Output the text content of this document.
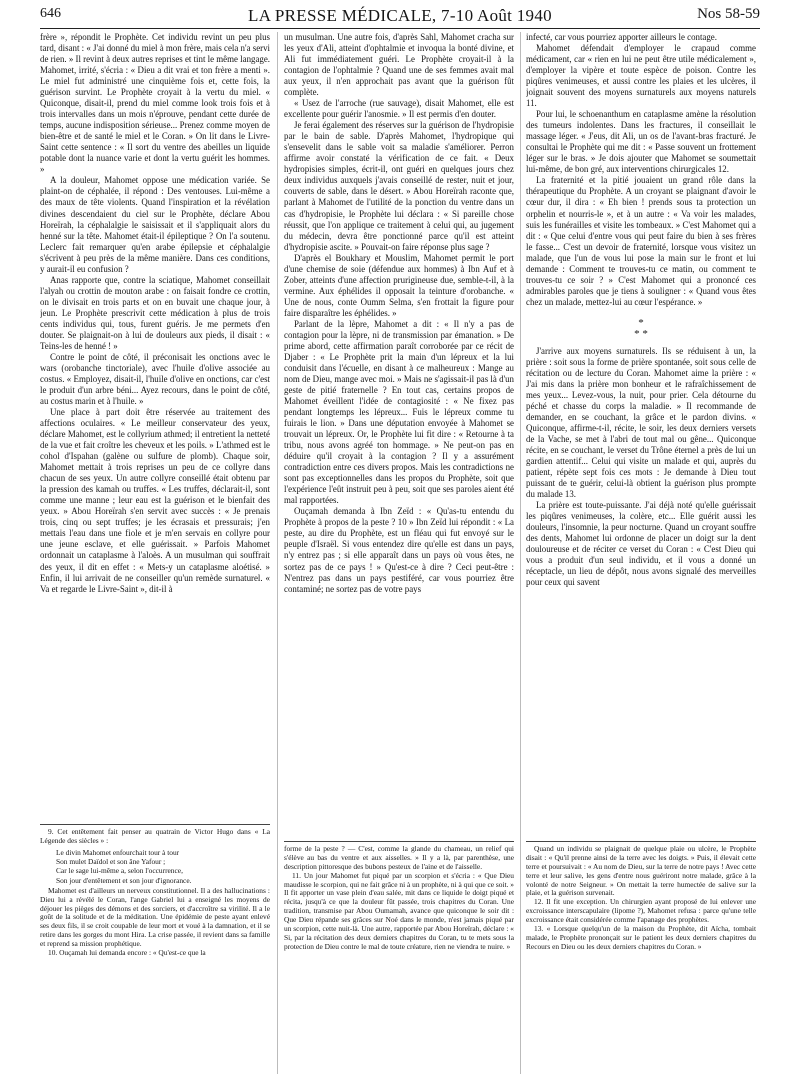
646	LA PRESSE MÉDICALE, 7-10 Août 1940	Nos 58-59

frère », répondit le Prophète. Cet individu revint un peu plus tard, disant : « J'ai donné du miel à mon frère, mais cela n'a servi de rien. » Il revint à deux autres reprises et tint le même langage. Mahomet, irrité, s'écria : « Dieu a dit vrai et ton frère a menti ». Le miel fut administré une cinquième fois et, cette fois, la guérison survint. Le Prophète croyait à la vertu du miel. « Quiconque, disait-il, prend du miel comme look trois fois et à trois intervalles dans un mois n'éprouve, pendant cette durée de temps, aucune indisposition sérieuse... Prenez comme moyen de bien-être et de santé le miel et le Coran. » On lit dans le Livre-Saint cette sentence : « Il sort du ventre des abeilles un liquide potable dont la nuance varie et dont la vertu guérit les hommes. »

A la douleur, Mahomet oppose une médication variée. Se plaint-on de céphalée, il répond : Des ventouses. Lui-même a des maux de tête violents. Quand l'inspiration et la révélation divines descendaient du ciel sur le Prophète, déclare Abou Horeïrah, la céphalalgie le saisissait et il s'appliquait alors du henné sur la tête. Mahomet était-il épileptique ? On l'a soutenu. Leclerc fait remarquer qu'en arabe épilepsie et céphalalgie s'écrivent à peu près de la même manière. Dans ces conditions, y aurait-il eu confusion ?

Anas rapporte que, contre la sciatique, Mahomet conseillait l'alyah ou crottin de mouton arabe : on faisait fondre ce crottin, on le divisait en trois parts et on en buvait une chaque jour, à jeun. Le Prophète prescrivit cette médication à plus de trois cents individus qui, tous, furent guéris. Je me permets d'en douter. Se plaignait-on à lui de douleurs aux pieds, il disait : « Teins-les de henné ! »

Contre le point de côté, il préconisait les onctions avec le wars (orobanche tinctoriale), avec l'huile d'olive associée au costus. « Employez, disait-il, l'huile d'olive en onctions, car c'est le produit d'un arbre béni... Ayez recours, dans le point de côté, au costus marin et à l'huile. »

Une place à part doit être réservée au traitement des affections oculaires. « Le meilleur conservateur des yeux, déclare Mahomet, est le collyrium athmed; il entretient la netteté de la vue et fait croître les cheveux et les poils. » L'athmed est le cohol d'Ispahan (galène ou sulfure de plomb). Chaque soir, Mahomet mettait à trois reprises un peu de ce collyre dans chacun de ses yeux. Un autre collyre conseillé était obtenu par la pression des kamah ou truffes. « Les truffes, déclarait-il, sont comme une manne ; leur eau est la guérison et le bienfait des yeux. » Abou Horeïrah s'en servit avec succès : « Je prenais trois, cinq ou sept truffes; je les écrasais et pressurais; j'en mettais l'eau dans une fiole et je m'en servais en collyre pour une jeune esclave, et elle guérissait. » Parfois Mahomet ordonnait un cataplasme à l'aloès. A un musulman qui souffrait des yeux, il dit en effet : « Mets-y un cataplasme aloétisé. » Enfin, il lui arrivait de ne conseiller qu'un remède surnaturel. « Va et regarde le Livre-Saint », dit-il à

9. Cet entêtement fait penser au quatrain de Victor Hugo dans « La Légende des siècles » :

Le divin Mahomet enfourchait tour à tour
Son mulet Daïdol et son âne Yafour ;
Car le sage lui-même a, selon l'occurrence,
Son jour d'entêtement et son jour d'ignorance.

Mahomet est d'ailleurs un nerveux constitutionnel. Il a des hallucinations : Dieu lui a révélé le Coran, l'ange Gabriel lui a enseigné les moyens de déjouer les pièges des démons et des sorciers, et d'accroître sa virilité. Il a le goût de la solitude et de la méditation. Une épidémie de peste ayant enlevé ses deux fils, il se croit coupable de leur mort et voué à la damnation, et il se retire dans les gorges du mont Hira. La crise passée, il revient dans sa famille et reprend sa mission prophétique.

10. Ouçamah lui demanda encore : « Qu'est-ce que la

un musulman. Une autre fois, d'après Sahl, Mahomet cracha sur les yeux d'Ali, atteint d'ophtalmie et invoqua la bonté divine, et Ali fut immédiatement guéri. Le Prophète croyait-il à la contagion de l'ophtalmie ? Quand une de ses femmes avait mal aux yeux, il n'en approchait pas avant que la guérison fût complète.

« Usez de l'arroche (rue sauvage), disait Mahomet, elle est excellente pour guérir l'anosmie. » Il est permis d'en douter.

Je ferai également des réserves sur la guérison de l'hydropisie par le bain de sable. D'après Mahomet, l'hydropique qui s'ensevelit dans le sable voit sa maladie s'améliorer. Perron affirme avoir constaté la vérification de ce fait. « Deux hydropisies simples, écrit-il, ont guéri en quelques jours chez deux individus auxquels j'avais conseillé de rester, nuit et jour, couverts de sable, dans le désert. » Abou Horeïrah raconte que, parlant à Mahomet de l'utilité de la ponction du ventre dans un cas d'hydropisie, le Prophète lui déclara : « Si pareille chose réussit, que l'on applique ce traitement à celui qui, au jugement du médecin, devra être ponctionné parce qu'il est atteint d'hydropisie ascite. » Pouvait-on faire réponse plus sage ?

D'après el Boukhary et Mouslim, Mahomet permit le port d'une chemise de soie (défendue aux hommes) à Ibn Auf et à Zober, atteints d'une affection prurigineuse due, semble-t-il, à la vermine. Aux éphélides il opposait la teinture d'orobanche. « Une de nous, conte Oumm Selma, s'en frottait la figure pour faire disparaître les éphélides. »

Parlant de la lèpre, Mahomet a dit : « Il n'y a pas de contagion pour la lèpre, ni de transmission par émanation. » De prime abord, cette affirmation paraît corroborée par ce récit de Djaber : « Le Prophète prit la main d'un lépreux et la lui conduisit dans l'écuelle, en disant à ce malheureux : Mange au nom de Dieu, mange avec moi. » Mais ne s'agissait-il pas là d'un geste de pitié fraternelle ? En tout cas, certains propos de Mahomet éveillent l'idée de contagiosité : « Ne fixez pas pendant longtemps les lépreux... Fuis le lépreux comme tu fuirais le lion. » Dans une députation envoyée à Mahomet se trouvait un lépreux. Or, le Prophète lui fit dire : « Retourne à ta tribu, nous avons agréé ton hommage. » Ne peut-on pas en déduire qu'il croyait à la contagion ? Il y a assurément contradiction entre ces divers propos. Mais les contradictions ne sont pas exceptionnelles dans les propos du Prophète, soit que l'expérience l'eût instruit peu à peu, soit que ses paroles aient été mal rapportées.

Ouçamah demanda à Ibn Zeïd : « Qu'as-tu entendu du Prophète à propos de la peste ? 10 » Ibn Zeïd lui répondit : « La peste, au dire du Prophète, est un fléau qui fut envoyé sur le peuple d'Israël. Si vous entendez dire qu'elle est dans un pays, n'y entrez pas ; si elle apparaît dans un pays où vous êtes, ne sortez pas de ce pays ! » Qu'est-ce à dire ? Ceci peut-être : N'entrez pas dans un pays pestiféré, car vous pourriez être contaminé; ne sortez pas de votre pays

forme de la peste ? — C'est, comme la glande du chameau, un relief qui s'élève au bas du ventre et aux aisselles. » Il y a là, par parenthèse, une description pittoresque des bubons pesteux de l'aine et de l'aisselle.

11. Un jour Mahomet fut piqué par un scorpion et s'écria : « Que Dieu maudisse le scorpion, qui ne fait grâce ni à un prophète, ni à qui que ce soit. » Il fit apporter un vase plein d'eau salée, mit dans ce liquide le doigt piqué et récita, jusqu'à ce que la douleur fût passée, trois chapitres du Coran. Une tradition, transmise par Abou Oumamah, avance que quiconque le soir dit : Que Dieu répande ses grâces sur Noé dans le monde, n'est jamais piqué par un scorpion, cette nuit-là. Une autre, rapportée par Abou Horeïrah, déclare : « Si, par la récitation des deux derniers chapitres du Coran, tu te mets sous la protection de Dieu contre le mal de toute créature, rien ne viendra te nuire. »

infecté, car vous pourriez apporter ailleurs le contage.

Mahomet défendait d'employer le crapaud comme médicament, car « rien en lui ne peut être utile médicalement », d'employer la vipère et toute espèce de poison. Contre les piqûres venimeuses, et aussi contre les plaies et les ulcères, il joignait souvent des moyens surnaturels aux moyens naturels 11.

Pour lui, le schoenanthum en cataplasme amène la résolution des tumeurs indolentes. Dans les fractures, il conseillait le massage léger. « J'eus, dit Ali, un os de l'avant-bras fracturé. Je consultai le Prophète qui me dit : « Passe souvent un frottement léger sur le bras. » Je dois ajouter que Mahomet se soumettait lui-même, de bon gré, aux interventions chirurgicales 12.

La fraternité et la pitié jouaient un grand rôle dans la thérapeutique du Prophète. A un croyant se plaignant d'avoir le cœur dur, il dira : « Eh bien ! prends sous ta protection un orphelin et nourris-le », et à un autre : « Va voir les malades, suis les funérailles et visite les tombeaux. » C'est Mahomet qui a dit : « Que celui d'entre vous qui peut faire du bien à ses frères le fasse... C'est un devoir de fraternité, lorsque vous visitez un malade, que l'un de vous lui pose la main sur le front et lui demande : Comment te trouves-tu ce matin, ou comment te trouves-tu ce soir ? » C'est Mahomet qui a prononcé ces admirables paroles que je tiens à souligner : « Quand vous êtes chez un malade, mettez-lui au cœur l'espérance. »

*
* *

J'arrive aux moyens surnaturels. Ils se réduisent à un, la prière : soit sous la forme de prière spontanée, soit sous celle de récitation ou de lecture du Coran. Mahomet aime la prière : « J'ai mis dans la prière mon bonheur et le rafraîchissement de mes yeux... Levez-vous, la nuit, pour prier. Cela détourne du péché et chasse du corps la maladie. » Il recommande de demander, en se couchant, la grâce et le pardon divins. « Quiconque, affirme-t-il, récite, le soir, les deux derniers versets de la Vache, se met à l'abri de tout mal ou gêne... Quiconque récite, en se couchant, le verset du Trône éternel a près de lui un gardien attentif... Celui qui visite un malade et qui, auprès du patient, répète sept fois ces mots : Je demande à Dieu tout puissant de te guérir, celui-là obtient la guérison plus prompte du malade 13.

La prière est toute-puissante. J'ai déjà noté qu'elle guérissait les piqûres venimeuses, la colère, etc... Elle guérit aussi les douleurs, l'insomnie, la peur nocturne. Quand un croyant souffre des dents, Mahomet lui ordonne de placer un doigt sur la dent douloureuse et de réciter ce verset du Coran : « C'est Dieu qui vous a produit d'un seul individu, et il vous a donné un réceptacle, un lieu de dépôt, nous avons signalé des merveilles pour ceux qui savent

Quand un individu se plaignait de quelque plaie ou ulcère, le Prophète disait : « Qu'il prenne ainsi de la terre avec les doigts. » Puis, il élevait cette terre et poursuivait : « Au nom de Dieu, sur la terre de notre pays ! Avec cette terre et leur salive, les gens d'entre nous guériront notre malade, grâce à la volonté de notre Seigneur. » On mettait la terre humectée de salive sur la plaie, et la guérison survenait.

12. Il fit une exception. Un chirurgien ayant proposé de lui enlever une excroissance interscapulaire (lipome ?), Mahomet refusa : parce qu'une telle excroissance était considérée comme l'apanage des prophètes.

13. « Lorsque quelqu'un de la maison du Prophète, dit Aïcha, tombait malade, le Prophète prononçait sur le patient les deux derniers chapitres du Recours en Dieu ou les deux derniers chapitres du Coran. »
